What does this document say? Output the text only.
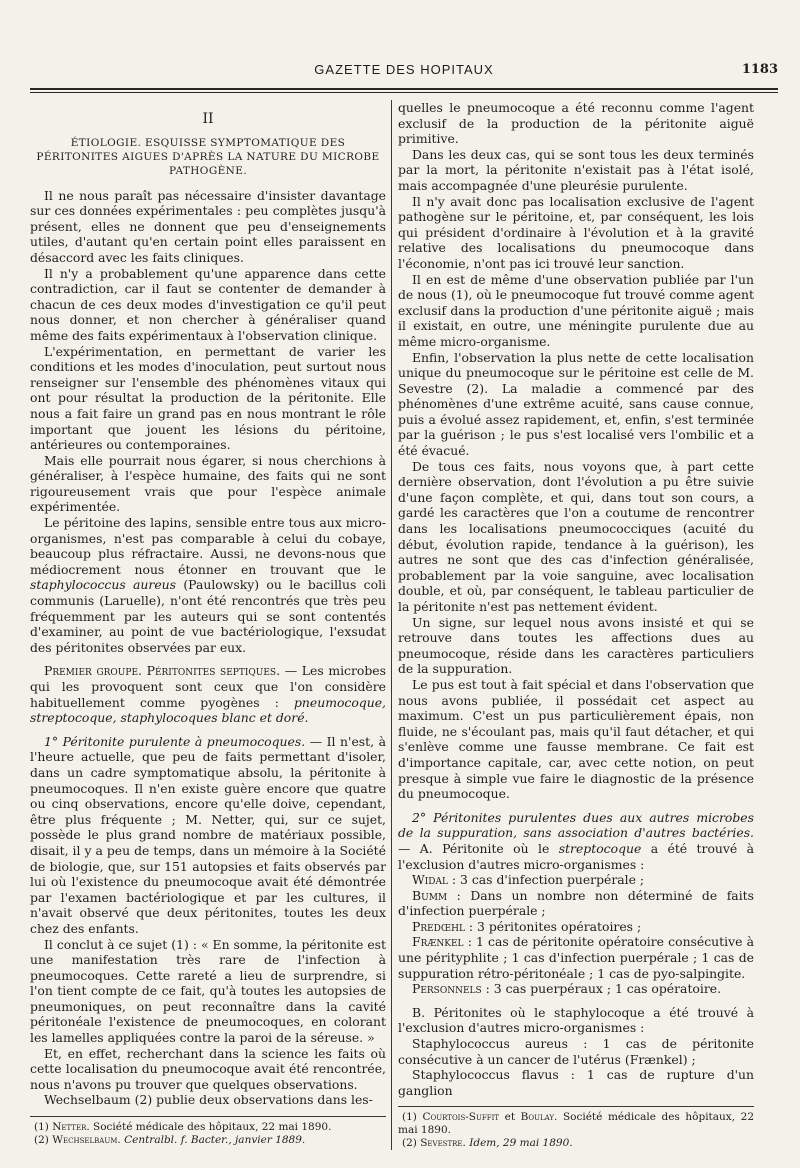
GAZETTE DES HOPITAUX	1183
II
ÉTIOLOGIE. ESQUISSE SYMPTOMATIQUE DES PÉRITONITES AIGUES D'APRÈS LA NATURE DU MICROBE PATHOGÈNE.

Il ne nous paraît pas nécessaire d'insister davantage sur ces données expérimentales : peu complètes jusqu'à présent, elles ne donnent que peu d'enseignements utiles, d'autant qu'en certain point elles paraissent en désaccord avec les faits cliniques.

Il n'y a probablement qu'une apparence dans cette contradiction, car il faut se contenter de demander à chacun de ces deux modes d'investigation ce qu'il peut nous donner, et non chercher à généraliser quand même des faits expérimentaux à l'observation clinique.

L'expérimentation, en permettant de varier les conditions et les modes d'inoculation, peut surtout nous renseigner sur l'ensemble des phénomènes vitaux qui ont pour résultat la production de la péritonite. Elle nous a fait faire un grand pas en nous montrant le rôle important que jouent les lésions du péritoine, antérieures ou contemporaines.

Mais elle pourrait nous égarer, si nous cherchions à généraliser, à l'espèce humaine, des faits qui ne sont rigoureusement vrais que pour l'espèce animale expérimentée.

Le péritoine des lapins, sensible entre tous aux micro-organismes, n'est pas comparable à celui du cobaye, beaucoup plus réfractaire. Aussi, ne devons-nous que médiocrement nous étonner en trouvant que le staphylococcus aureus (Paulowsky) ou le bacillus coli communis (Laruelle), n'ont été rencontrés que très peu fréquemment par les auteurs qui se sont contentés d'examiner, au point de vue bactériologique, l'exsudat des péritonites observées par eux.

Premier groupe. Péritonites septiques. — Les microbes qui les provoquent sont ceux que l'on considère habituellement comme pyogènes : pneumocoque, streptocoque, staphylocoques blanc et doré.

1° Péritonite purulente à pneumocoques. — Il n'est, à l'heure actuelle, que peu de faits permettant d'isoler, dans un cadre symptomatique absolu, la péritonite à pneumocoques. Il n'en existe guère encore que quatre ou cinq observations, encore qu'elle doive, cependant, être plus fréquente ; M. Netter, qui, sur ce sujet, possède le plus grand nombre de matériaux possible, disait, il y a peu de temps, dans un mémoire à la Société de biologie, que, sur 151 autopsies et faits observés par lui où l'existence du pneumocoque avait été démontrée par l'examen bactériologique et par les cultures, il n'avait observé que deux péritonites, toutes les deux chez des enfants.

Il conclut à ce sujet (1) : « En somme, la péritonite est une manifestation très rare de l'infection à pneumocoques. Cette rareté a lieu de surprendre, si l'on tient compte de ce fait, qu'à toutes les autopsies de pneumoniques, on peut reconnaître dans la cavité péritonéale l'existence de pneumocoques, en colorant les lamelles appliquées contre la paroi de la séreuse. »

Et, en effet, recherchant dans la science les faits où cette localisation du pneumocoque avait été rencontrée, nous n'avons pu trouver que quelques observations.

Wechselbaum (2) publie deux observations dans les-

(1) Netter. Société médicale des hôpitaux, 22 mai 1890.
(2) Wechselbaum. Centralbl. f. Bacter., janvier 1889.

quelles le pneumocoque a été reconnu comme l'agent exclusif de la production de la péritonite aiguë primitive.

Dans les deux cas, qui se sont tous les deux terminés par la mort, la péritonite n'existait pas à l'état isolé, mais accompagnée d'une pleurésie purulente.

Il n'y avait donc pas localisation exclusive de l'agent pathogène sur le péritoine, et, par conséquent, les lois qui président d'ordinaire à l'évolution et à la gravité relative des localisations du pneumocoque dans l'économie, n'ont pas ici trouvé leur sanction.

Il en est de même d'une observation publiée par l'un de nous (1), où le pneumocoque fut trouvé comme agent exclusif dans la production d'une péritonite aiguë ; mais il existait, en outre, une méningite purulente due au même micro-organisme.

Enfin, l'observation la plus nette de cette localisation unique du pneumocoque sur le péritoine est celle de M. Sevestre (2). La maladie a commencé par des phénomènes d'une extrême acuité, sans cause connue, puis a évolué assez rapidement, et, enfin, s'est terminée par la guérison ; le pus s'est localisé vers l'ombilic et a été évacué.

De tous ces faits, nous voyons que, à part cette dernière observation, dont l'évolution a pu être suivie d'une façon complète, et qui, dans tout son cours, a gardé les caractères que l'on a coutume de rencontrer dans les localisations pneumococciques (acuité du début, évolution rapide, tendance à la guérison), les autres ne sont que des cas d'infection généralisée, probablement par la voie sanguine, avec localisation double, et où, par conséquent, le tableau particulier de la péritonite n'est pas nettement évident.

Un signe, sur lequel nous avons insisté et qui se retrouve dans toutes les affections dues au pneumocoque, réside dans les caractères particuliers de la suppuration.

Le pus est tout à fait spécial et dans l'observation que nous avons publiée, il possédait cet aspect au maximum. C'est un pus particulièrement épais, non fluide, ne s'écoulant pas, mais qu'il faut détacher, et qui s'enlève comme une fausse membrane. Ce fait est d'importance capitale, car, avec cette notion, on peut presque à simple vue faire le diagnostic de la présence du pneumocoque.

2° Péritonites purulentes dues aux autres microbes de la suppuration, sans association d'autres bactéries. — A. Péritonite où le streptocoque a été trouvé à l'exclusion d'autres micro-organismes :

Widal : 3 cas d'infection puerpérale ;

Bumm : Dans un nombre non déterminé de faits d'infection puerpérale ;

Predœhl : 3 péritonites opératoires ;

Frænkel : 1 cas de péritonite opératoire consécutive à une pérityphlite ; 1 cas d'infection puerpérale ; 1 cas de suppuration rétro-péritonéale ; 1 cas de pyo-salpingite.

Personnels : 3 cas puerpéraux ; 1 cas opératoire.

B. Péritonites où le staphylocoque a été trouvé à l'exclusion d'autres micro-organismes :

Staphylococcus aureus : 1 cas de péritonite consécutive à un cancer de l'utérus (Frænkel) ;

Staphylococcus flavus : 1 cas de rupture d'un ganglion

(1) Courtois-Suffit et Boulay. Société médicale des hôpitaux, 22 mai 1890.
(2) Sevestre. Idem, 29 mai 1890.
